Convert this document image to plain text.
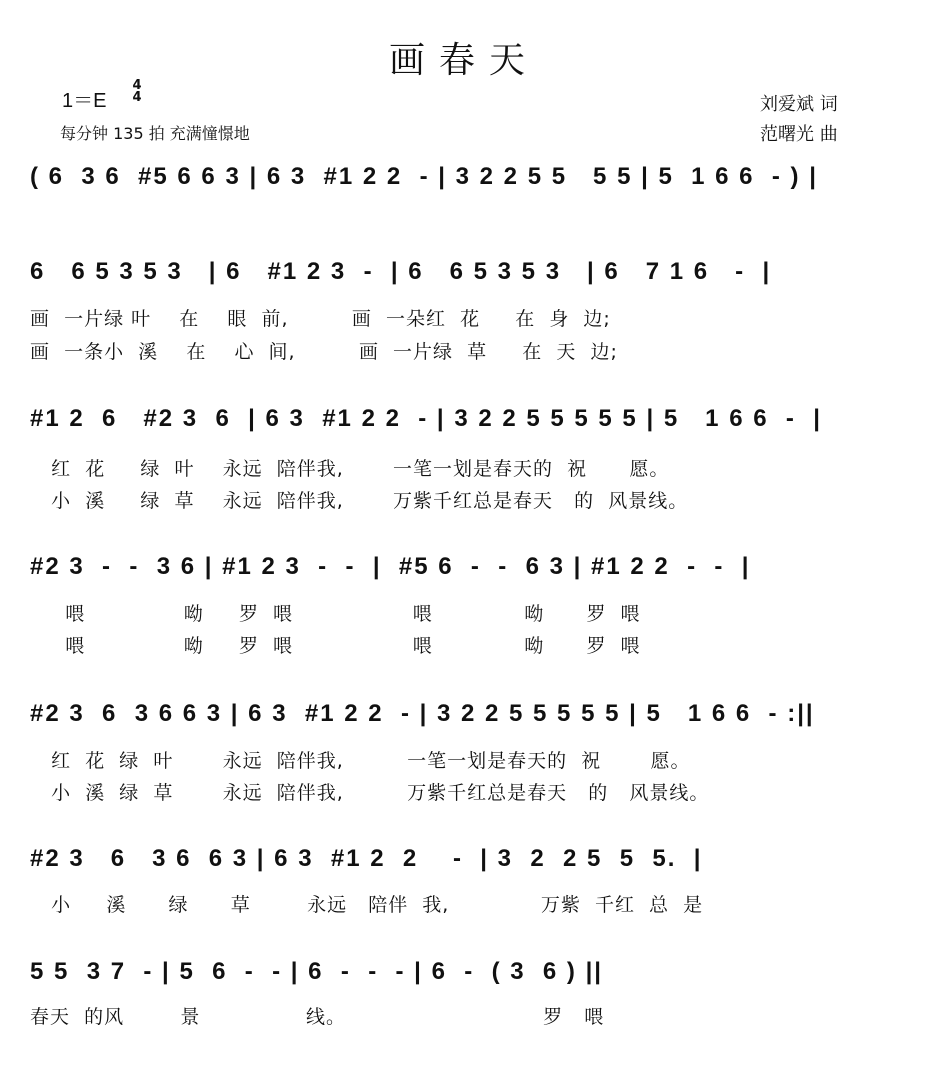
画春天
1＝E
4
4
每分钟 135 拍 充满憧憬地
刘爱斌 词
范曙光 曲
( 6  3 6  #5 6 6 3 | 6 3  #1 2 2  - | 3 2 2 5 5   5 5 | 5  1 6 6  - ) |
6   6 5 3 5 3   | 6   #1 2 3  -  | 6   6 5 3 5 3   | 6   7 1 6   -  |
画  一片绿 叶    在    眼  前,         画  一朵红  花     在  身  边;
画  一条小  溪    在    心  间,         画  一片绿  草     在  天  边;
#1 2  6   #2 3  6  | 6 3  #1 2 2  - | 3 2 2 5 5 5 5 5 | 5   1 6 6  -  |
红  花     绿  叶    永远  陪伴我,       一笔一划是春天的  祝      愿。
小  溪     绿  草    永远  陪伴我,       万紫千红总是春天   的  风景线。
#2 3  -  -  3 6 | #1 2 3  -  -  |  #5 6  -  -  6 3 | #1 2 2  -  -  |
喂              呦     罗  喂                 喂             呦      罗  喂
喂              呦     罗  喂                 喂             呦      罗  喂
#2 3  6  3 6 6 3 | 6 3  #1 2 2  - | 3 2 2 5 5 5 5 5 | 5   1 6 6  - :||
红  花  绿  叶       永远  陪伴我,         一笔一划是春天的  祝       愿。
小  溪  绿  草       永远  陪伴我,         万紫千红总是春天   的   风景线。
#2 3   6   3 6  6 3 | 6 3  #1 2  2    -  | 3  2  2 5  5  5.  |
小     溪      绿      草        永远   陪伴  我,             万紫  千红  总  是
5 5  3 7  - | 5  6  -  - | 6  -  -  - | 6  -  ( 3  6 ) ||
春天  的风        景               线。                            罗   喂
